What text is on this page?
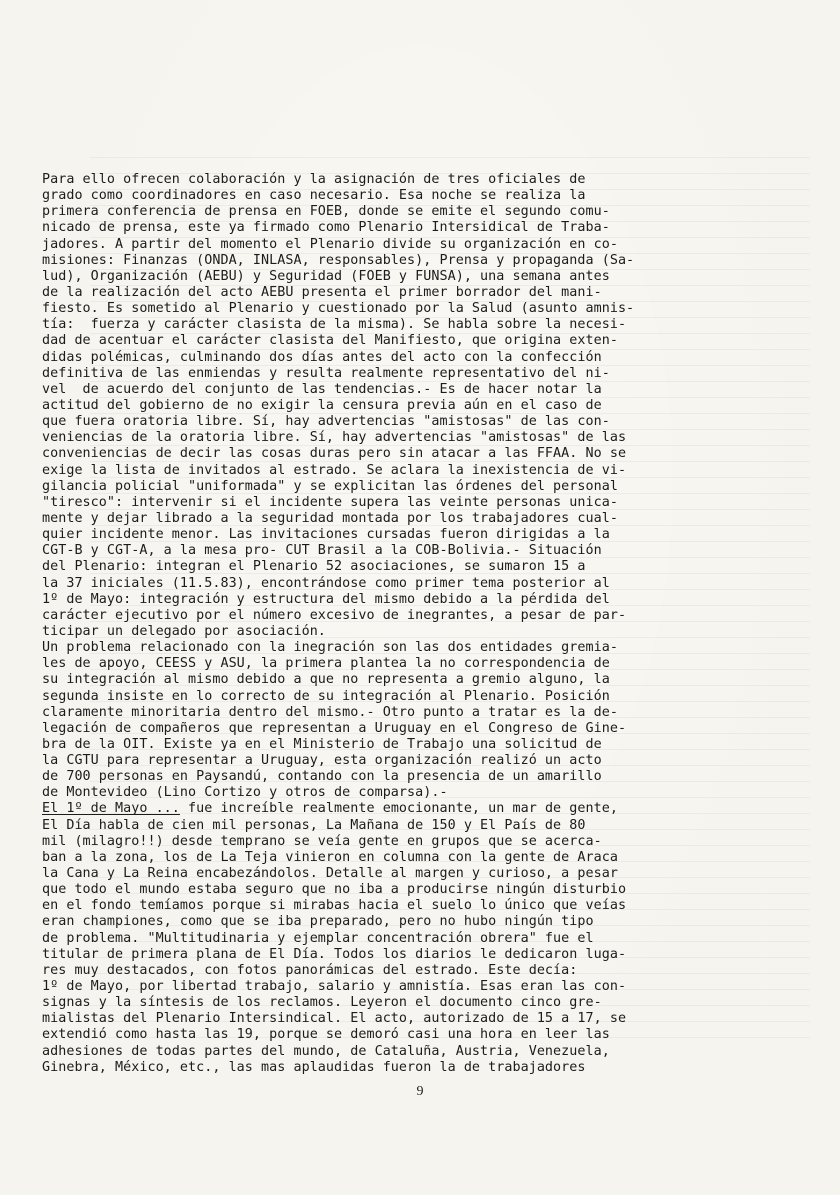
Para ello ofrecen colaboración y la asignación de tres oficiales de
grado como coordinadores en caso necesario. Esa noche se realiza la
primera conferencia de prensa en FOEB, donde se emite el segundo comu-
nicado de prensa, este ya firmado como Plenario Intersidical de Traba-
jadores. A partir del momento el Plenario divide su organización en co-
misiones: Finanzas (ONDA, INLASA, responsables), Prensa y propaganda (Sa-
lud), Organización (AEBU) y Seguridad (FOEB y FUNSA), una semana antes
de la realización del acto AEBU presenta el primer borrador del mani-
fiesto. Es sometido al Plenario y cuestionado por la Salud (asunto amnis-
tía:  fuerza y carácter clasista de la misma). Se habla sobre la necesi-
dad de acentuar el carácter clasista del Manifiesto, que origina exten-
didas polémicas, culminando dos días antes del acto con la confección
definitiva de las enmiendas y resulta realmente representativo del ni-
vel  de acuerdo del conjunto de las tendencias.- Es de hacer notar la
actitud del gobierno de no exigir la censura previa aún en el caso de
que fuera oratoria libre. Sí, hay advertencias "amistosas" de las con-
veniencias de la oratoria libre. Sí, hay advertencias "amistosas" de las
conveniencias de decir las cosas duras pero sin atacar a las FFAA. No se
exige la lista de invitados al estrado. Se aclara la inexistencia de vi-
gilancia policial "uniformada" y se explicitan las órdenes del personal
"tiresco": intervenir si el incidente supera las veinte personas unica-
mente y dejar librado a la seguridad montada por los trabajadores cual-
quier incidente menor. Las invitaciones cursadas fueron dirigidas a la
CGT-B y CGT-A, a la mesa pro- CUT Brasil a la COB-Bolivia.- Situación
del Plenario: integran el Plenario 52 asociaciones, se sumaron 15 a
la 37 iniciales (11.5.83), encontrándose como primer tema posterior al
1º de Mayo: integración y estructura del mismo debido a la pérdida del
carácter ejecutivo por el número excesivo de inegrantes, a pesar de par-
ticipar un delegado por asociación.
Un problema relacionado con la inegración son las dos entidades gremia-
les de apoyo, CEESS y ASU, la primera plantea la no correspondencia de
su integración al mismo debido a que no representa a gremio alguno, la
segunda insiste en lo correcto de su integración al Plenario. Posición
claramente minoritaria dentro del mismo.- Otro punto a tratar es la de-
legación de compañeros que representan a Uruguay en el Congreso de Gine-
bra de la OIT. Existe ya en el Ministerio de Trabajo una solicitud de
la CGTU para representar a Uruguay, esta organización realizó un acto
de 700 personas en Paysandú, contando con la presencia de un amarillo
de Montevideo (Lino Cortizo y otros de comparsa).-
El 1º de Mayo ... fue increíble realmente emocionante, un mar de gente,
El Día habla de cien mil personas, La Mañana de 150 y El País de 80
mil (milagro!!) desde temprano se veía gente en grupos que se acerca-
ban a la zona, los de La Teja vinieron en columna con la gente de Araca
la Cana y La Reina encabezándolos. Detalle al margen y curioso, a pesar
que todo el mundo estaba seguro que no iba a producirse ningún disturbio
en el fondo temíamos porque si mirabas hacia el suelo lo único que veías
eran championes, como que se iba preparado, pero no hubo ningún tipo
de problema. "Multitudinaria y ejemplar concentración obrera" fue el
titular de primera plana de El Día. Todos los diarios le dedicaron luga-
res muy destacados, con fotos panorámicas del estrado. Este decía:
1º de Mayo, por libertad trabajo, salario y amnistía. Esas eran las con-
signas y la síntesis de los reclamos. Leyeron el documento cinco gre-
mialistas del Plenario Intersindical. El acto, autorizado de 15 a 17, se
extendió como hasta las 19, porque se demoró casi una hora en leer las
adhesiones de todas partes del mundo, de Cataluña, Austria, Venezuela,
Ginebra, México, etc., las mas aplaudidas fueron la de trabajadores
9
